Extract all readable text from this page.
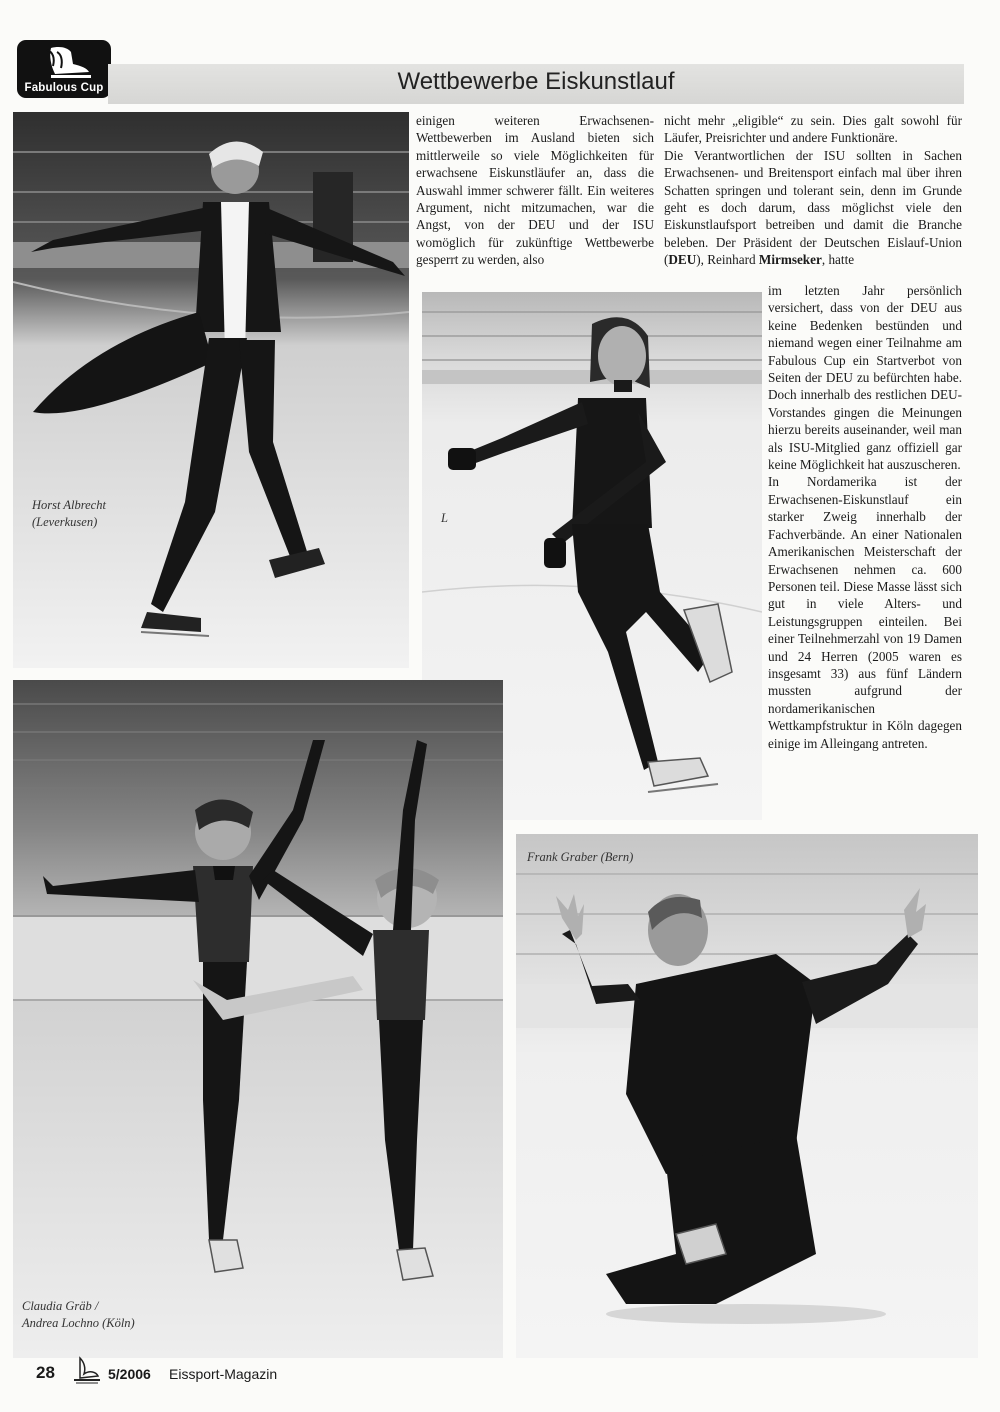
Fabulous Cup	Wettbewerbe Eiskunstlauf
Horst Albrecht (Leverkusen)

einigen weiteren Erwachsenen-Wettbewerben im Ausland bieten sich mittlerweile so viele Möglichkeiten für erwachsene Eiskunstläufer an, dass die Auswahl immer schwerer fällt. Ein weiteres Argument, nicht mitzumachen, war die Angst, von der DEU und der ISU womöglich für zukünftige Wettbewerbe gesperrt zu werden, also

nicht mehr „eligible“ zu sein. Dies galt sowohl für Läufer, Preisrichter und andere Funktionäre.

Die Verantwortlichen der ISU sollten in Sachen Erwachsenen- und Breitensport einfach mal über ihren Schatten springen und tolerant sein, denn im Grunde geht es doch darum, dass möglichst viele den Eiskunstlaufsport betreiben und damit die Branche beleben. Der Präsident der Deutschen Eislauf-Union (DEU), Reinhard Mirmseker, hatte

L

im letzten Jahr persönlich versichert, dass von der DEU aus keine Bedenken bestünden und niemand wegen einer Teilnahme am Fabulous Cup ein Startverbot von Seiten der DEU zu befürchten habe. Doch innerhalb des restlichen DEU-Vorstandes gingen die Meinungen hierzu bereits auseinander, weil man als ISU-Mitglied ganz offiziell gar keine Möglichkeit hat auszuscheren.

In Nordamerika ist der Erwachsenen-Eiskunstlauf ein starker Zweig innerhalb der Fachverbände. An einer Nationalen Amerikanischen Meisterschaft der Erwachsenen nehmen ca. 600 Personen teil. Diese Masse lässt sich gut in viele Alters- und Leistungsgruppen einteilen. Bei einer Teilnehmerzahl von 19 Damen und 24 Herren (2005 waren es insgesamt 33) aus fünf Ländern mussten aufgrund der nordamerikanischen Wettkampfstruktur in Köln dagegen einige im Alleingang antreten.

Claudia Gräb /
Andrea Lochno (Köln)
Frank Graber (Bern)
28	5/2006 Eissport-Magazin
